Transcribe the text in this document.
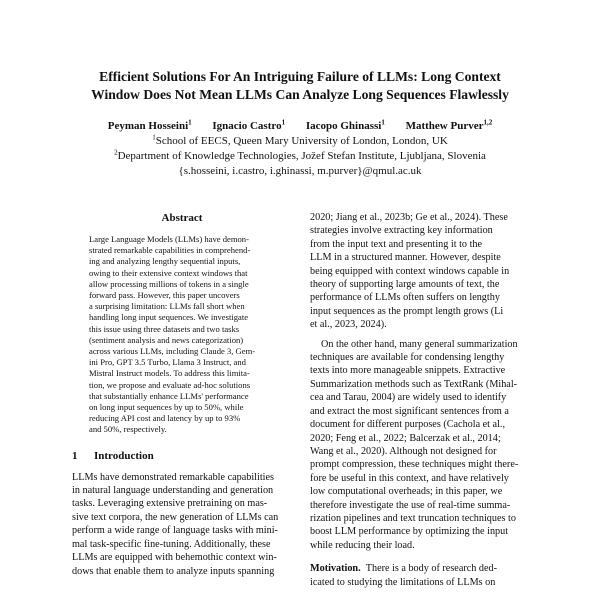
Efficient Solutions For An Intriguing Failure of LLMs: Long Context
Window Does Not Mean LLMs Can Analyze Long Sequences Flawlessly
Peyman Hosseini$^1$ Ignacio Castro$^1$ Iacopo Ghinassi$^1$ Matthew Purver$^{1,2}$
$^1$School of EECS, Queen Mary University of London, London, UK
$^2$Department of Knowledge Technologies, Jožef Stefan Institute, Ljubljana, Slovenia
{s.hosseini, i.castro, i.ghinassi, m.purver}@qmul.ac.uk
Abstract
Large Language Models (LLMs) have demon-
strated remarkable capabilities in comprehend-
ing and analyzing lengthy sequential inputs,
owing to their extensive context windows that
allow processing millions of tokens in a single
forward pass. However, this paper uncovers
a surprising limitation: LLMs fall short when
handling long input sequences. We investigate
this issue using three datasets and two tasks
(sentiment analysis and news categorization)
across various LLMs, including Claude 3, Gem-
ini Pro, GPT 3.5 Turbo, Llama 3 Instruct, and
Mistral Instruct models. To address this limita-
tion, we propose and evaluate ad-hoc solutions
that substantially enhance LLMs' performance
on long input sequences by up to 50%, while
reducing API cost and latency by up to 93%
and 50%, respectively.
1 Introduction
LLMs have demonstrated remarkable capabilities
in natural language understanding and generation
tasks. Leveraging extensive pretraining on mas-
sive text corpora, the new generation of LLMs can
perform a wide range of language tasks with mini-
mal task-specific fine-tuning. Additionally, these
LLMs are equipped with behemothic context win-
dows that enable them to analyze inputs spanning
2020; Jiang et al., 2023b; Ge et al., 2024). These
strategies involve extracting key information
from the input text and presenting it to the
LLM in a structured manner. However, despite
being equipped with context windows capable in
theory of supporting large amounts of text, the
performance of LLMs often suffers on lengthy
input sequences as the prompt length grows (Li
et al., 2023, 2024).
On the other hand, many general summarization
techniques are available for condensing lengthy
texts into more manageable snippets. Extractive
Summarization methods such as TextRank (Mihal-
cea and Tarau, 2004) are widely used to identify
and extract the most significant sentences from a
document for different purposes (Cachola et al.,
2020; Feng et al., 2022; Balcerzak et al., 2014;
Wang et al., 2020). Although not designed for
prompt compression, these techniques might there-
fore be useful in this context, and have relatively
low computational overheads; in this paper, we
therefore investigate the use of real-time summa-
rization pipelines and text truncation techniques to
boost LLM performance by optimizing the input
while reducing their load.
Motivation. There is a body of research ded-
icated to studying the limitations of LLMs on
